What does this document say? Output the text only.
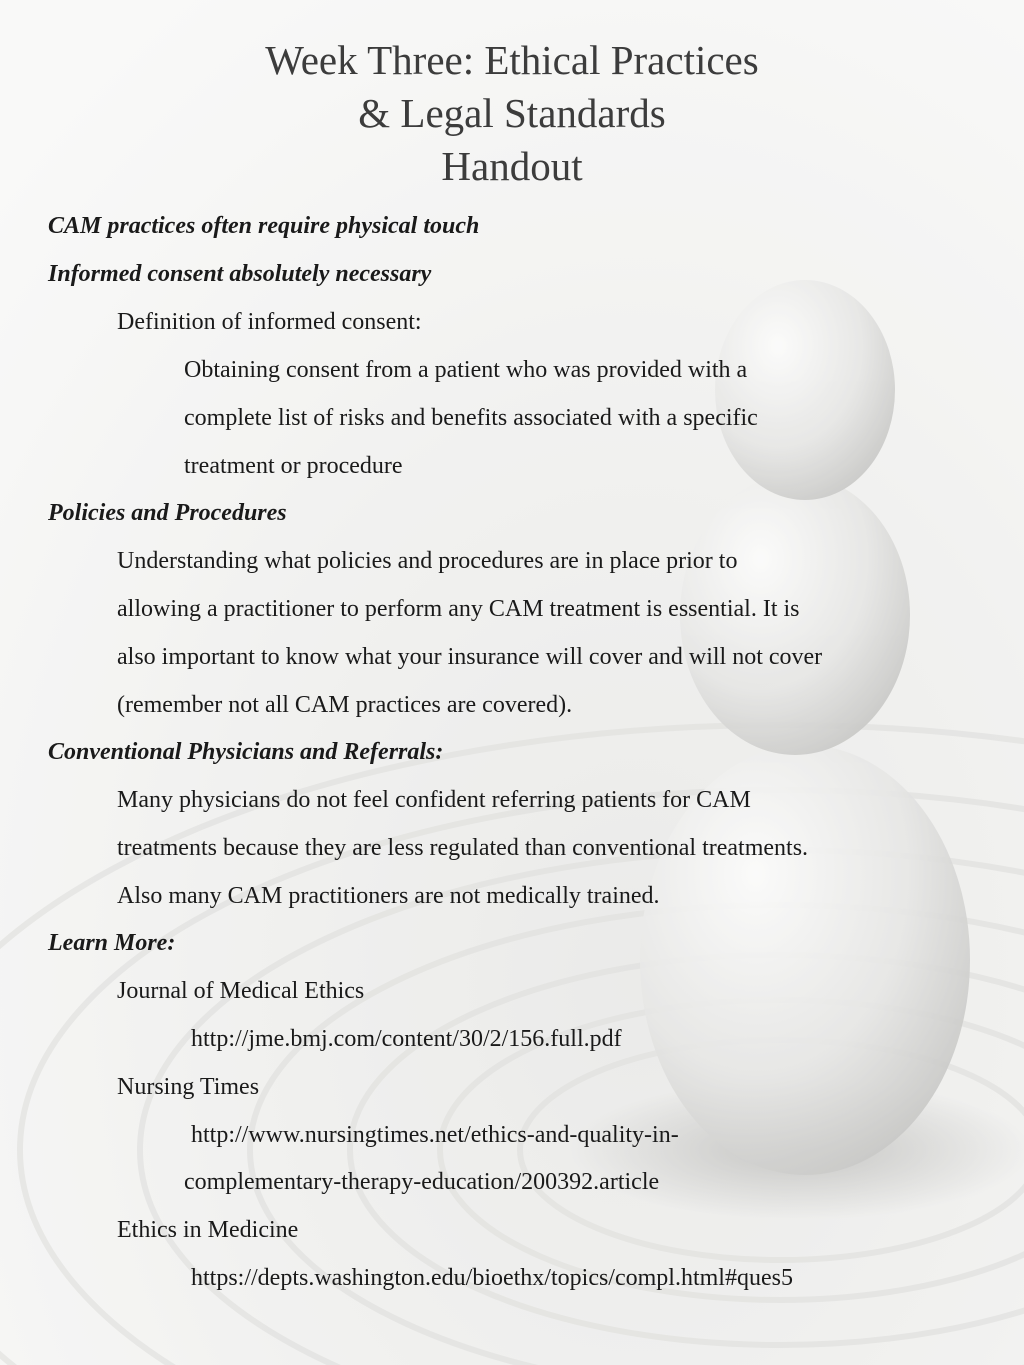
Week Three: Ethical Practices
& Legal Standards
Handout

CAM practices often require physical touch

Informed consent absolutely necessary

Definition of informed consent:

Obtaining consent from a patient who was provided with a

complete list of risks and benefits associated with a specific

treatment or procedure

Policies and Procedures

Understanding what policies and procedures are in place prior to

allowing a practitioner to perform any CAM treatment is essential. It is

also important to know what your insurance will cover and will not cover

(remember not all CAM practices are covered).

Conventional Physicians and Referrals:

Many physicians do not feel confident referring patients for CAM

treatments because they are less regulated than conventional treatments.

Also many CAM practitioners are not medically trained.

Learn More:

Journal of Medical Ethics

http://jme.bmj.com/content/30/2/156.full.pdf

Nursing Times

http://www.nursingtimes.net/ethics-and-quality-in-

complementary-therapy-education/200392.article

Ethics in Medicine

https://depts.washington.edu/bioethx/topics/compl.html#ques5
